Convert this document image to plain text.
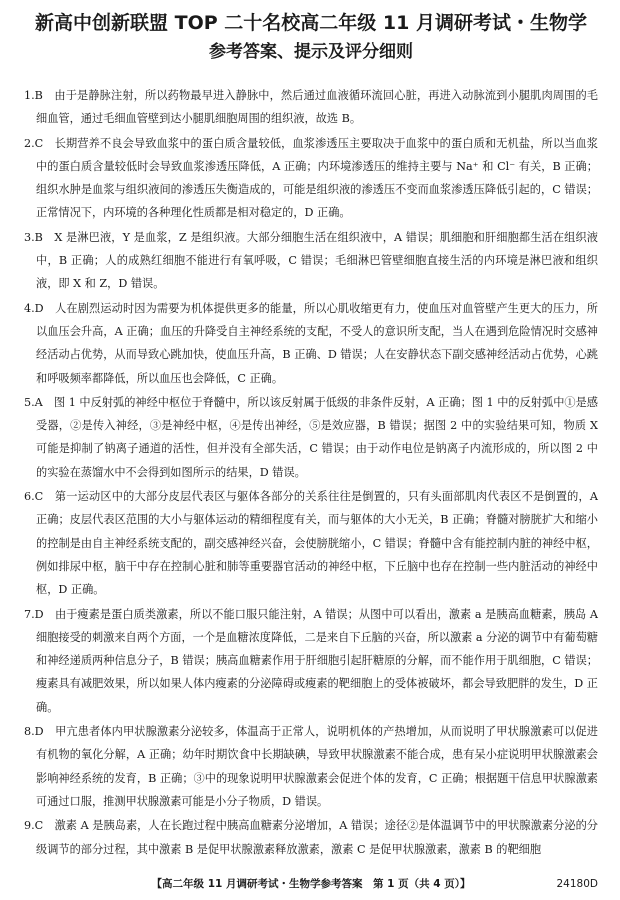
新高中创新联盟 TOP 二十名校高二年级 11 月调研考试・生物学
参考答案、提示及评分细则

1.B　 由于是静脉注射，所以药物最早进入静脉中，然后通过血液循环流回心脏，再进入动脉流到小腿肌肉周围的毛细血管，通过毛细血管壁到达小腿肌细胞周围的组织液，故选 B。

2.C　 长期营养不良会导致血浆中的蛋白质含量较低，血浆渗透压主要取决于血浆中的蛋白质和无机盐，所以当血浆中的蛋白质含量较低时会导致血浆渗透压降低，A 正确；内环境渗透压的维持主要与 Na⁺ 和 Cl⁻ 有关，B 正确；组织水肿是血浆与组织液间的渗透压失衡造成的，可能是组织液的渗透压不变而血浆渗透压降低引起的，C 错误；正常情况下，内环境的各种理化性质都是相对稳定的，D 正确。

3.B　 X 是淋巴液，Y 是血浆，Z 是组织液。大部分细胞生活在组织液中，A 错误；肌细胞和肝细胞都生活在组织液中，B 正确；人的成熟红细胞不能进行有氧呼吸，C 错误；毛细淋巴管壁细胞直接生活的内环境是淋巴液和组织液，即 X 和 Z，D 错误。

4.D　 人在剧烈运动时因为需要为机体提供更多的能量，所以心肌收缩更有力，使血压对血管壁产生更大的压力，所以血压会升高，A 正确；血压的升降受自主神经系统的支配，不受人的意识所支配，当人在遇到危险情况时交感神经活动占优势，从而导致心跳加快，使血压升高，B 正确、D 错误；人在安静状态下副交感神经活动占优势，心跳和呼吸频率都降低，所以血压也会降低，C 正确。

5.A　 图 1 中反射弧的神经中枢位于脊髓中，所以该反射属于低级的非条件反射，A 正确；图 1 中的反射弧中①是感受器，②是传入神经，③是神经中枢，④是传出神经，⑤是效应器，B 错误；据图 2 中的实验结果可知，物质 X 可能是抑制了钠离子通道的活性，但并没有全部失活，C 错误；由于动作电位是钠离子内流形成的，所以图 2 中的实验在蒸馏水中不会得到如图所示的结果，D 错误。

6.C　 第一运动区中的大部分皮层代表区与躯体各部分的关系往往是倒置的，只有头面部肌肉代表区不是倒置的，A 正确；皮层代表区范围的大小与躯体运动的精细程度有关，而与躯体的大小无关，B 正确；脊髓对膀胱扩大和缩小的控制是由自主神经系统支配的，副交感神经兴奋，会使膀胱缩小，C 错误；脊髓中含有能控制内脏的神经中枢，例如排尿中枢，脑干中存在控制心脏和肺等重要器官活动的神经中枢，下丘脑中也存在控制一些内脏活动的神经中枢，D 正确。

7.D　 由于瘦素是蛋白质类激素，所以不能口服只能注射，A 错误；从图中可以看出，激素 a 是胰高血糖素，胰岛 A 细胞接受的刺激来自两个方面，一个是血糖浓度降低，二是来自下丘脑的兴奋，所以激素 a 分泌的调节中有葡萄糖和神经递质两种信息分子，B 错误；胰高血糖素作用于肝细胞引起肝糖原的分解，而不能作用于肌细胞，C 错误；瘦素具有减肥效果，所以如果人体内瘦素的分泌障碍或瘦素的靶细胞上的受体被破坏，都会导致肥胖的发生，D 正确。

8.D　 甲亢患者体内甲状腺激素分泌较多，体温高于正常人，说明机体的产热增加，从而说明了甲状腺激素可以促进有机物的氧化分解，A 正确；幼年时期饮食中长期缺碘，导致甲状腺激素不能合成，患有呆小症说明甲状腺激素会影响神经系统的发育，B 正确；③中的现象说明甲状腺激素会促进个体的发育，C 正确；根据题干信息甲状腺激素可通过口服，推测甲状腺激素可能是小分子物质，D 错误。

9.C　 激素 A 是胰岛素，人在长跑过程中胰高血糖素分泌增加，A 错误；途径②是体温调节中的甲状腺激素分泌的分级调节的部分过程，其中激素 B 是促甲状腺激素释放激素，激素 C 是促甲状腺激素，激素 B 的靶细胞

【高二年级 11 月调研考试・生物学参考答案　第 1 页（共 4 页）】	24180D
